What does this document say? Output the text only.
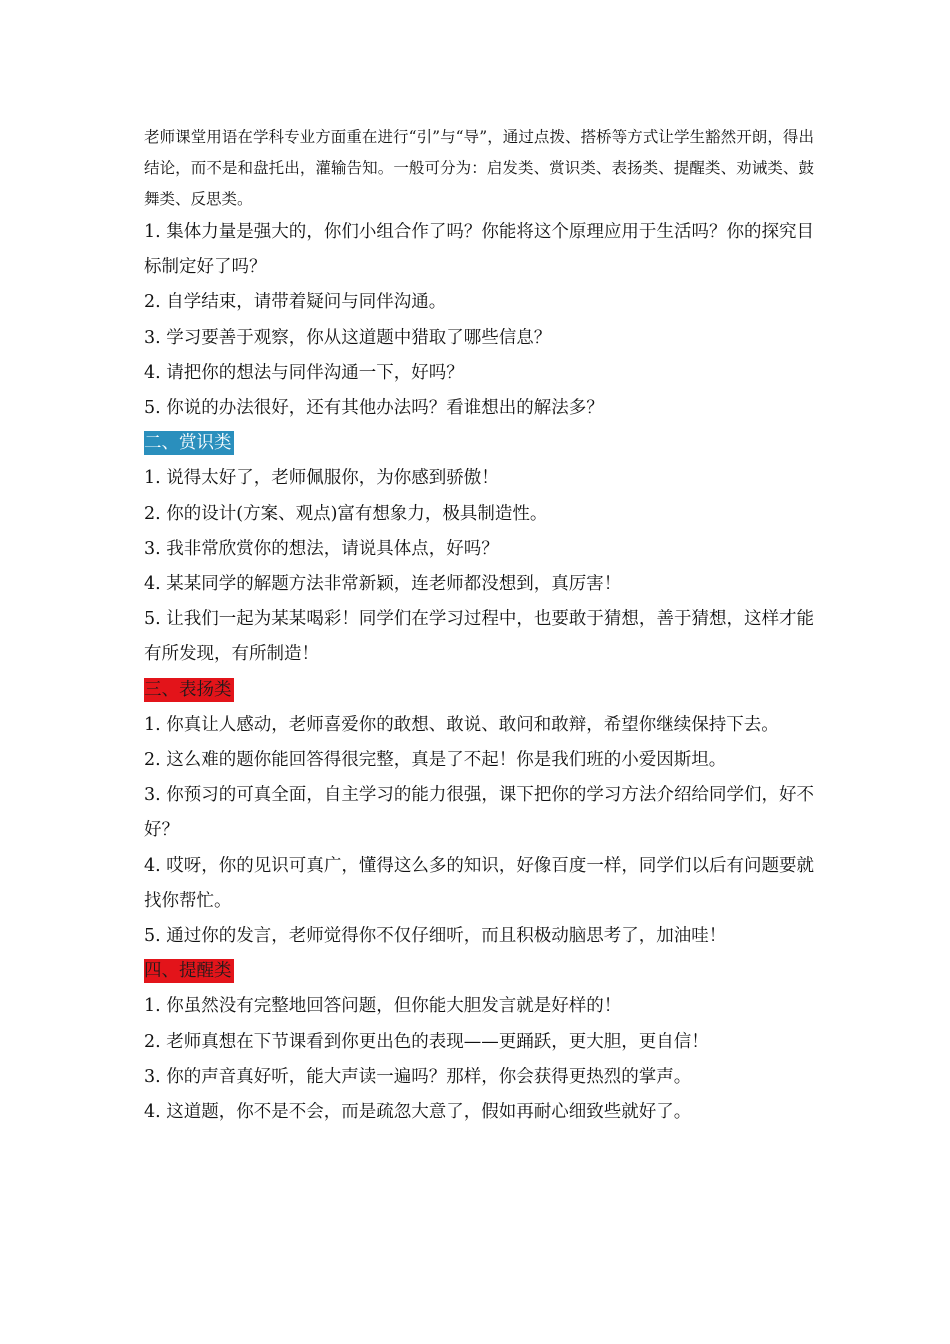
老师课堂用语在学科专业方面重在进行“引”与“导”，通过点拨、搭桥等方式让学生豁然开朗，得出结论，而不是和盘托出，灌输告知。一般可分为：启发类、赏识类、表扬类、提醒类、劝诫类、鼓舞类、反思类。

1. 集体力量是强大的，你们小组合作了吗？你能将这个原理应用于生活吗？你的探究目标制定好了吗？

2. 自学结束，请带着疑问与同伴沟通。

3. 学习要善于观察，你从这道题中猎取了哪些信息？

4. 请把你的想法与同伴沟通一下，好吗？

5. 你说的办法很好，还有其他办法吗？看谁想出的解法多？

二、赏识类

1. 说得太好了，老师佩服你，为你感到骄傲！

2. 你的设计(方案、观点)富有想象力，极具制造性。

3. 我非常欣赏你的想法，请说具体点，好吗？

4. 某某同学的解题方法非常新颖，连老师都没想到，真厉害！

5. 让我们一起为某某喝彩！同学们在学习过程中，也要敢于猜想，善于猜想，这样才能有所发现，有所制造！

三、表扬类

1. 你真让人感动，老师喜爱你的敢想、敢说、敢问和敢辩，希望你继续保持下去。

2. 这么难的题你能回答得很完整，真是了不起！你是我们班的小爱因斯坦。

3. 你预习的可真全面，自主学习的能力很强，课下把你的学习方法介绍给同学们，好不好？

4. 哎呀，你的见识可真广，懂得这么多的知识，好像百度一样，同学们以后有问题要就找你帮忙。

5. 通过你的发言，老师觉得你不仅仔细听，而且积极动脑思考了，加油哇！

四、提醒类

1. 你虽然没有完整地回答问题，但你能大胆发言就是好样的！

2. 老师真想在下节课看到你更出色的表现——更踊跃，更大胆，更自信！

3. 你的声音真好听，能大声读一遍吗？那样，你会获得更热烈的掌声。

4. 这道题，你不是不会，而是疏忽大意了，假如再耐心细致些就好了。
